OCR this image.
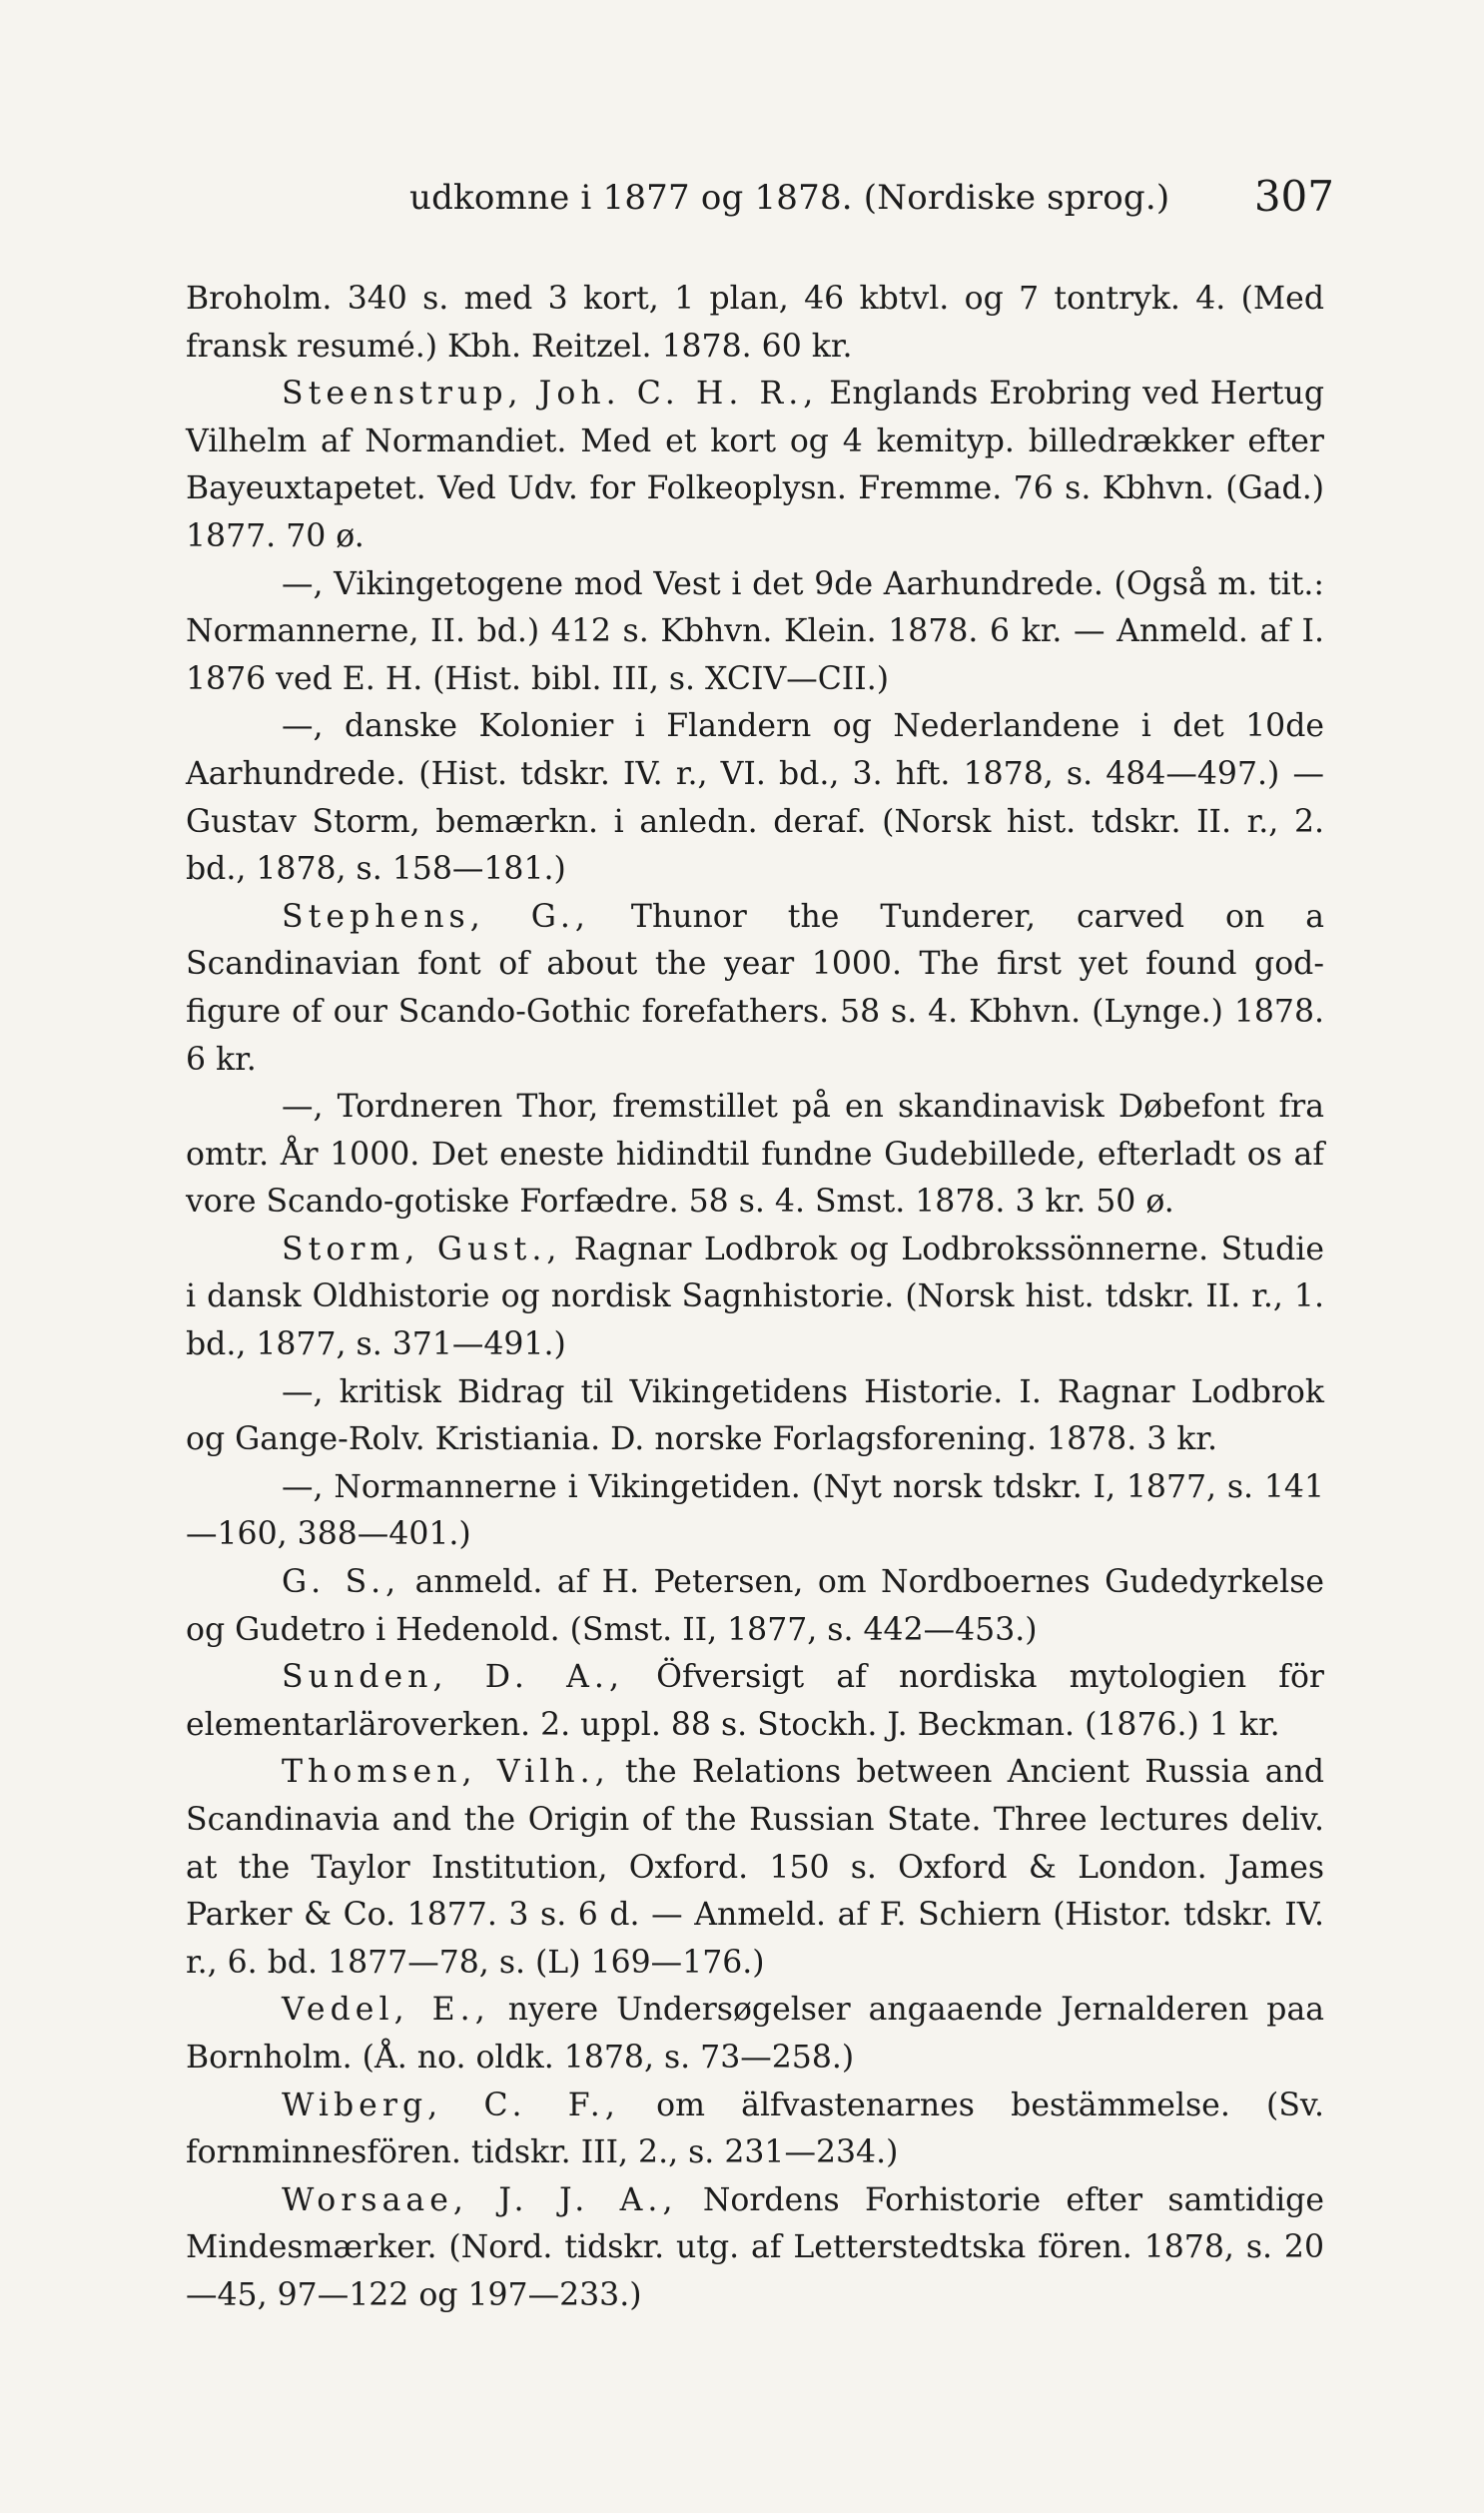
udkomne i 1877 og 1878. (Nordiske sprog.) 307

Broholm. 340 s. med 3 kort, 1 plan, 46 kbtvl. og 7 tontryk. 4. (Med fransk resumé.) Kbh. Reitzel. 1878. 60 kr.

Steenstrup, Joh. C. H. R., Englands Erobring ved Hertug Vilhelm af Normandiet. Med et kort og 4 kemityp. billedrækker efter Bayeuxtapetet. Ved Udv. for Folkeoplysn. Fremme. 76 s. Kbhvn. (Gad.) 1877. 70 ø.

—, Vikingetogene mod Vest i det 9de Aarhundrede. (Også m. tit.: Normannerne, II. bd.) 412 s. Kbhvn. Klein. 1878. 6 kr. — Anmeld. af I. 1876 ved E. H. (Hist. bibl. III, s. XCIV—CII.)

—, danske Kolonier i Flandern og Nederlandene i det 10de Aarhundrede. (Hist. tdskr. IV. r., VI. bd., 3. hft. 1878, s. 484—497.) — Gustav Storm, bemærkn. i anledn. deraf. (Norsk hist. tdskr. II. r., 2. bd., 1878, s. 158—181.)

Stephens, G., Thunor the Tunderer, carved on a Scandinavian font of about the year 1000. The first yet found god-figure of our Scando-Gothic forefathers. 58 s. 4. Kbhvn. (Lynge.) 1878. 6 kr.

—, Tordneren Thor, fremstillet på en skandinavisk Døbefont fra omtr. År 1000. Det eneste hidindtil fundne Gudebillede, efterladt os af vore Scando-gotiske Forfædre. 58 s. 4. Smst. 1878. 3 kr. 50 ø.

Storm, Gust., Ragnar Lodbrok og Lodbrokssönnerne. Studie i dansk Oldhistorie og nordisk Sagnhistorie. (Norsk hist. tdskr. II. r., 1. bd., 1877, s. 371—491.)

—, kritisk Bidrag til Vikingetidens Historie. I. Ragnar Lodbrok og Gange-Rolv. Kristiania. D. norske Forlagsforening. 1878. 3 kr.

—, Normannerne i Vikingetiden. (Nyt norsk tdskr. I, 1877, s. 141—160, 388—401.)

G. S., anmeld. af H. Petersen, om Nordboernes Gudedyrkelse og Gudetro i Hedenold. (Smst. II, 1877, s. 442—453.)

Sunden, D. A., Öfversigt af nordiska mytologien för elementarläroverken. 2. uppl. 88 s. Stockh. J. Beckman. (1876.) 1 kr.

Thomsen, Vilh., the Relations between Ancient Russia and Scandinavia and the Origin of the Russian State. Three lectures deliv. at the Taylor Institution, Oxford. 150 s. Oxford & London. James Parker & Co. 1877. 3 s. 6 d. — Anmeld. af F. Schiern (Histor. tdskr. IV. r., 6. bd. 1877—78, s. (L) 169—176.)

Vedel, E., nyere Undersøgelser angaaende Jernalderen paa Bornholm. (Å. no. oldk. 1878, s. 73—258.)

Wiberg, C. F., om älfvastenarnes bestämmelse. (Sv. fornminnesfören. tidskr. III, 2., s. 231—234.)

Worsaae, J. J. A., Nordens Forhistorie efter samtidige Mindesmærker. (Nord. tidskr. utg. af Letterstedtska fören. 1878, s. 20—45, 97—122 og 197—233.)
